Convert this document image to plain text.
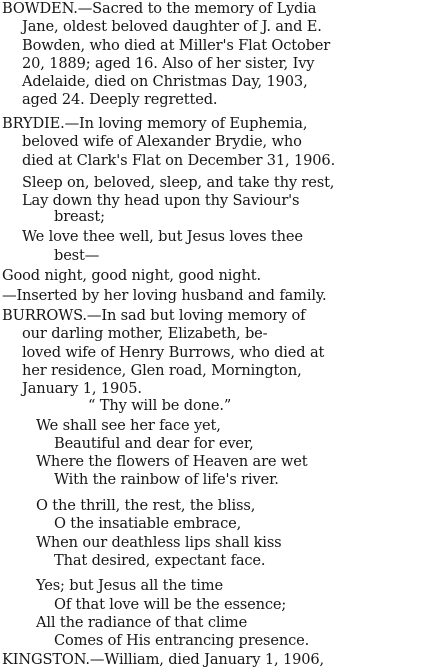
BOWDEN.—Sacred to the memory of Lydia
Jane, oldest beloved daughter of J. and E.
Bowden, who died at Miller's Flat October
20, 1889; aged 16. Also of her sister, Ivy
Adelaide, died on Christmas Day, 1903,
aged 24. Deeply regretted.
BRYDIE.—In loving memory of Euphemia,
beloved wife of Alexander Brydie, who
died at Clark's Flat on December 31, 1906.
Sleep on, beloved, sleep, and take thy rest,
Lay down thy head upon thy Saviour's
breast;
We love thee well, but Jesus loves thee
best—
Good night, good night, good night.
—Inserted by her loving husband and family.
BURROWS.—In sad but loving memory of
our darling mother, Elizabeth, be-
loved wife of Henry Burrows, who died at
her residence, Glen road, Mornington,
January 1, 1905.
“ Thy will be done.”
We shall see her face yet,
Beautiful and dear for ever,
Where the flowers of Heaven are wet
With the rainbow of life's river.
O the thrill, the rest, the bliss,
O the insatiable embrace,
When our deathless lips shall kiss
That desired, expectant face.
Yes; but Jesus all the time
Of that love will be the essence;
All the radiance of that clime
Comes of His entrancing presence.
KINGSTON.—William, died January 1, 1906,
